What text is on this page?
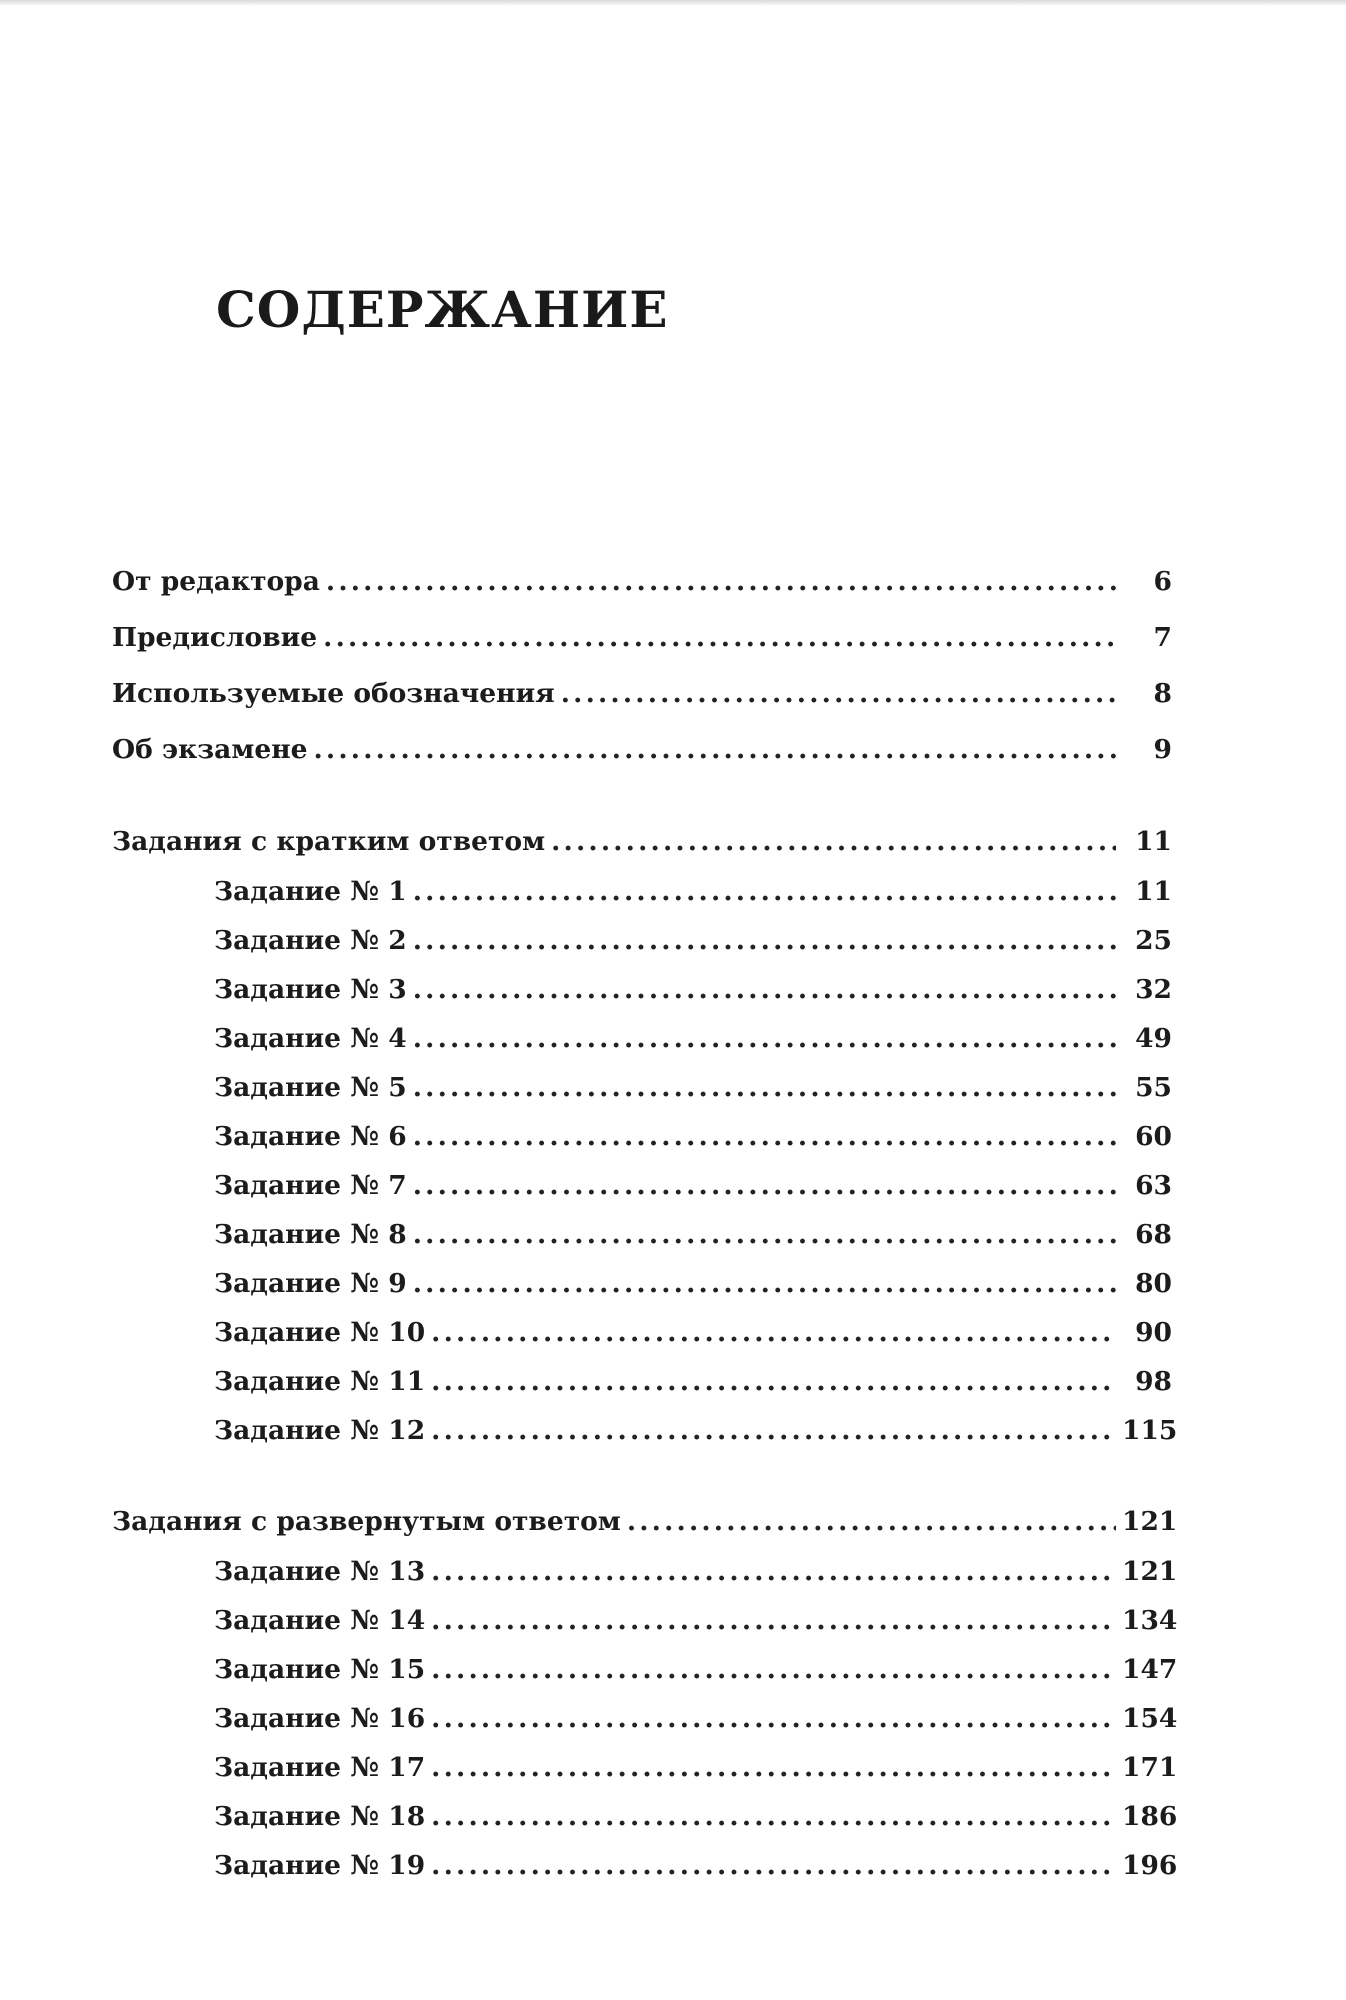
СОДЕРЖАНИЕ
От редактора .....	6
Предисловие .....	7
Используемые обозначения .....	8
Об экзамене .....	9
Задания с кратким ответом .....	11
Задание № 1 .....	11
Задание № 2 .....	25
Задание № 3 .....	32
Задание № 4 .....	49
Задание № 5 .....	55
Задание № 6 .....	60
Задание № 7 .....	63
Задание № 8 .....	68
Задание № 9 .....	80
Задание № 10 .....	90
Задание № 11 .....	98
Задание № 12 .....	115
Задания с развернутым ответом .....	121
Задание № 13 .....	121
Задание № 14 .....	134
Задание № 15 .....	147
Задание № 16 .....	154
Задание № 17 .....	171
Задание № 18 .....	186
Задание № 19 .....	196
